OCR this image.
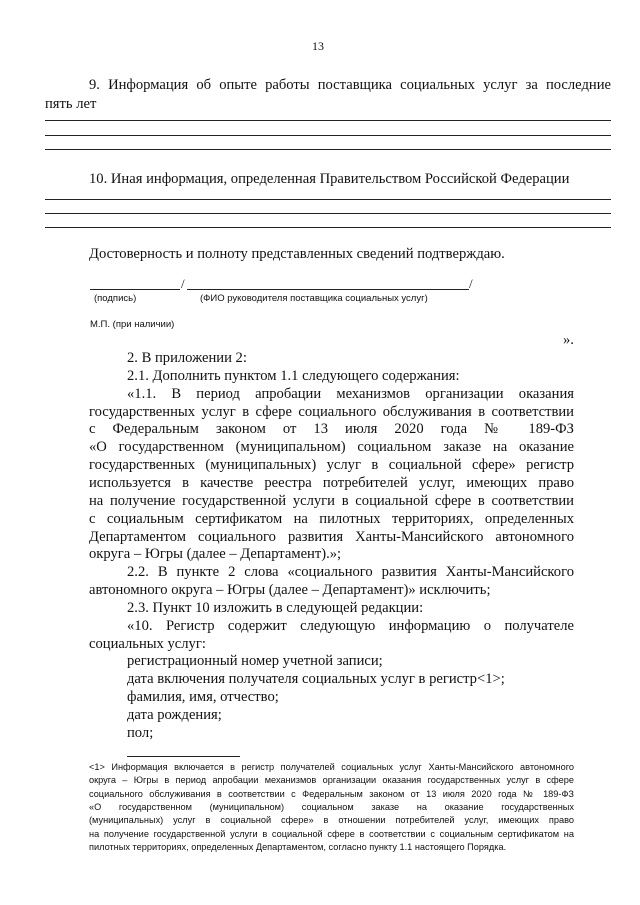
13
9. Информация об опыте работы поставщика социальных услуг за последние
пять лет
10. Иная информация, определенная Правительством Российской Федерации
Достоверность и полноту представленных сведений подтверждаю.
/	/
(подпись)	(ФИО руководителя поставщика социальных услуг)
М.П. (при наличии)
».
2. В приложении 2:
2.1. Дополнить пунктом 1.1 следующего содержания:
«1.1. В период апробации механизмов организации оказания
государственных услуг в сфере социального обслуживания в соответствии
с Федеральным законом от 13 июля 2020 года № 189-ФЗ
«О государственном (муниципальном) социальном заказе на оказание
государственных (муниципальных) услуг в социальной сфере» регистр
используется в качестве реестра потребителей услуг, имеющих право
на получение государственной услуги в социальной сфере в соответствии
с социальным сертификатом на пилотных территориях, определенных
Департаментом социального развития Ханты-Мансийского автономного
округа – Югры (далее – Департамент).»;
2.2. В пункте 2 слова «социального развития Ханты-Мансийского
автономного округа – Югры (далее – Департамент)» исключить;
2.3. Пункт 10 изложить в следующей редакции:
«10. Регистр содержит следующую информацию о получателе
социальных услуг:
регистрационный номер учетной записи;
дата включения получателя социальных услуг в регистр<1>;
фамилия, имя, отчество;
дата рождения;
пол;
<1> Информация включается в регистр получателей социальных услуг Ханты-Мансийского автономного
округа – Югры в период апробации механизмов организации оказания государственных услуг в сфере
социального обслуживания в соответствии с Федеральным законом от 13 июля 2020 года № 189-ФЗ
«О государственном (муниципальном) социальном заказе на оказание государственных
(муниципальных) услуг в социальной сфере» в отношении потребителей услуг, имеющих право
на получение государственной услуги в социальной сфере в соответствии с социальным сертификатом на
пилотных территориях, определенных Департаментом, согласно пункту 1.1 настоящего Порядка.
